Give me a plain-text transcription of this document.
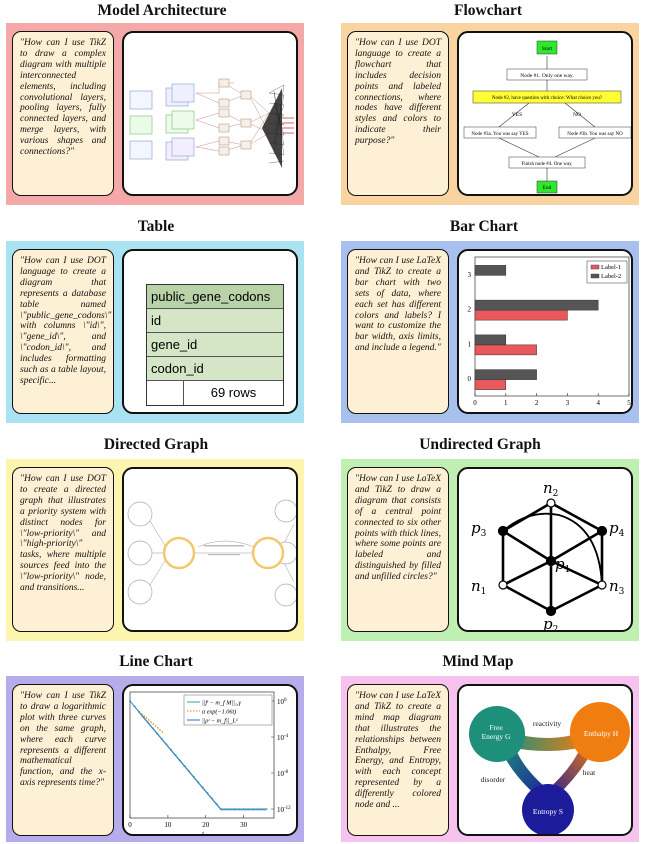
Model Architecture	Flowchart
"How can I use TikZ to draw a complex diagram with multiple interconnected elements, including convolutional layers, pooling layers, fully connected layers, and merge layers, with various shapes and connections?"
"How can I use DOT language to create a flowchart that includes decision points and labeled connections, where nodes have different styles and colors to indicate their purpose?"
Start
Node #1. Only one way.
Node #2, have question with choice: What choice you?
YES	NO
Node #3a. You was say YES	Node #3b. You was say NO
Finish node #4. One way.
End
Table	Bar Chart
"How can I use DOT language to create a diagram that represents a database table named \"public_gene_codons\" with columns \"id\", \"gene_id\", and \"codon_id\", and includes formatting such as a table layout, specific...
public_gene_codons
id
gene_id
codon_id
69 rows
"How can I use LaTeX and TikZ to create a bar chart with two sets of data, where each set has different colors and labels? I want to customize the bar width, axis limits, and include a legend."
0	1	2	3	4	5
0
1
2
3
Label-1
Label-2
Directed Graph	Undirected Graph
"How can I use DOT to create a directed graph that illustrates a priority system with distinct nodes for \"low-priority\" and \"high-priority\" tasks, where multiple sources feed into the \"low-priority\" node, and transitions...
"How can I use LaTeX and TikZ to draw a diagram that consists of a central point connected to six other points with thick lines, where some points are labeled and distinguished by filled and unfilled circles?"
$n_2$
$p_3$	$p_4$
$p_1$
$n_1$	$n_3$
$p_2$
Line Chart	Mind Map
"How can I use TikZ to draw a logarithmic plot with three curves on the same graph, where each curve represents a different mathematical function, and the x-axis represents time?"
0	10	20	30
$10^0$
$10^{-4}$
$10^{-8}$
$10^{-12}$
t
||fᵗ − m_f M||₂,γ
α exp(−1.06t)
||ρᵗ − m_f||_L¹
"How can I use LaTeX and TikZ to create a mind map diagram that illustrates the relationships between Enthalpy, Free Energy, and Entropy, with each concept represented by a differently colored node and ...
Free
Energy G	Enthalpy H
Entropy S
reactivity
disorder
heat
